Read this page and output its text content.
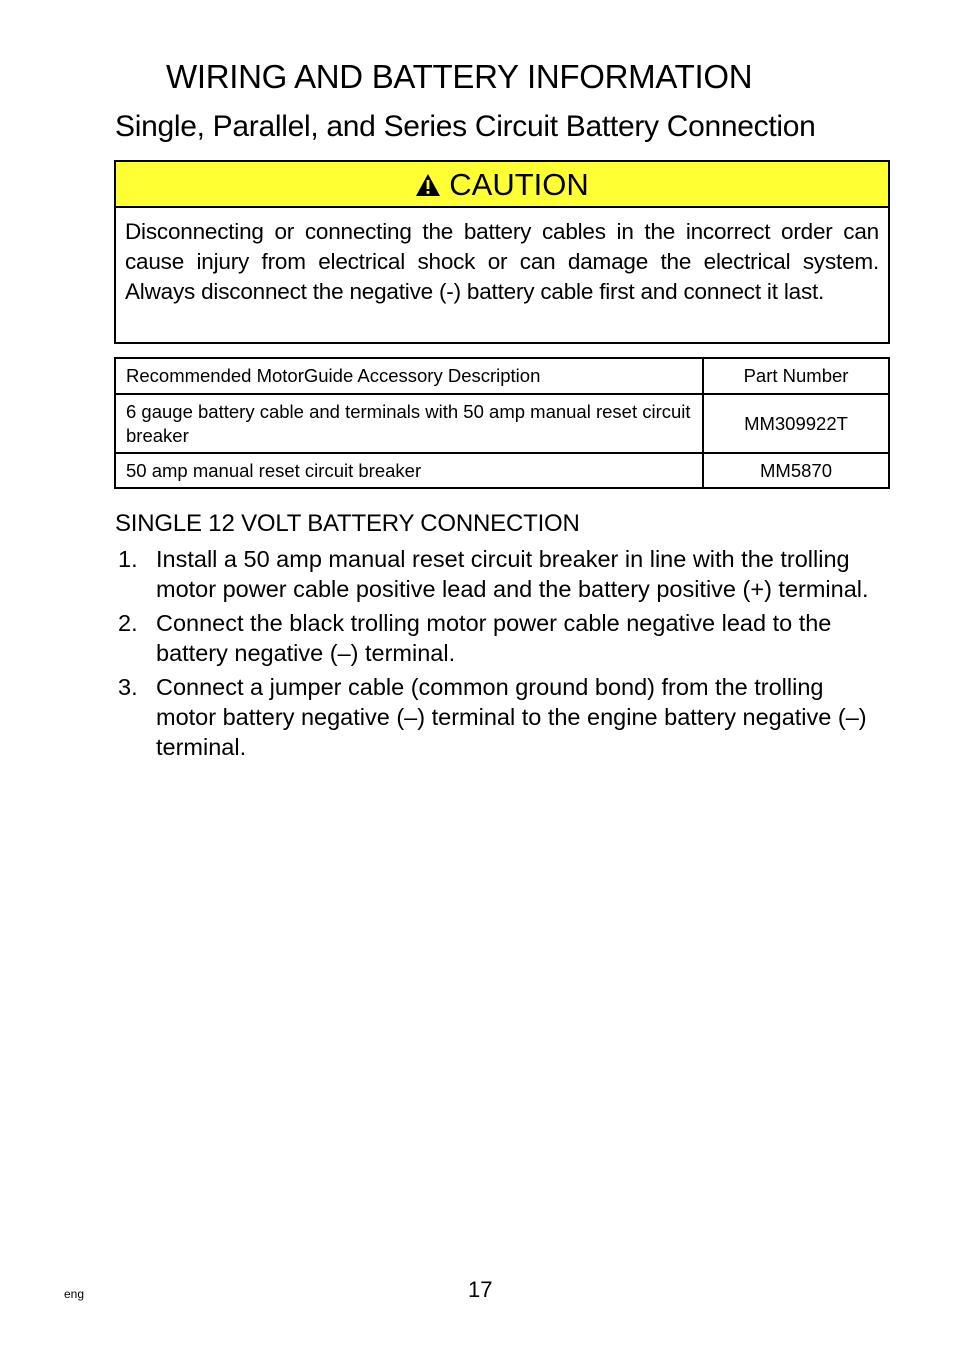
WIRING AND BATTERY INFORMATION
Single, Parallel, and Series Circuit Battery Connection
CAUTION
Disconnecting or connecting the battery cables in the incorrect order can cause injury from electrical shock or can damage the electrical system. Always disconnect the negative (-) battery cable first and connect it last.
Recommended MotorGuide Accessory Description	Part Number
6 gauge battery cable and terminals with 50 amp manual reset circuit breaker	MM309922T
50 amp manual reset circuit breaker	MM5870
SINGLE 12 VOLT BATTERY CONNECTION
1. Install a 50 amp manual reset circuit breaker in line with the trolling motor power cable positive lead and the battery positive (+) terminal.
2. Connect the black trolling motor power cable negative lead to the battery negative (–) terminal.
3. Connect a jumper cable (common ground bond) from the trolling motor battery negative (–) terminal to the engine battery negative (–) terminal.
eng	17
